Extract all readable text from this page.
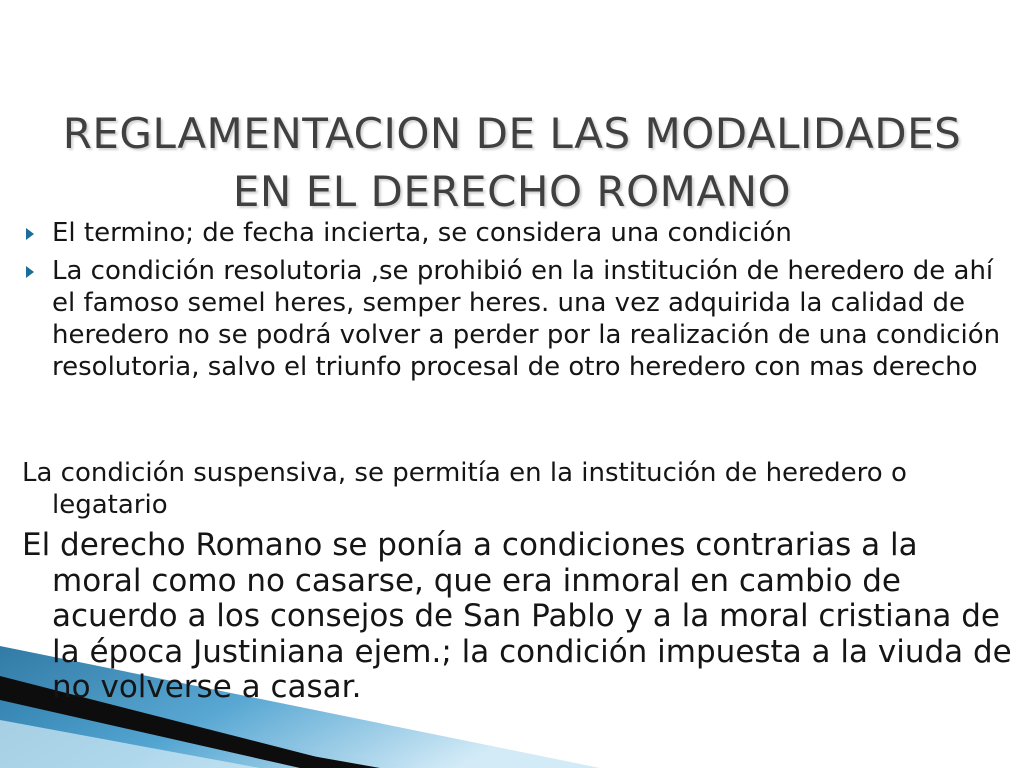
REGLAMENTACION DE LAS MODALIDADES EN EL DERECHO ROMANO

El termino; de fecha incierta, se considera una condición

La condición resolutoria ,se prohibió en la institución de heredero de ahí el famoso semel heres, semper heres. una vez adquirida la calidad de heredero no se podrá volver a perder por la realización de una condición resolutoria, salvo el triunfo procesal de otro heredero con mas derecho

La condición suspensiva, se permitía en la institución de heredero o legatario

El derecho Romano se ponía a condiciones contrarias a la moral como no casarse, que era inmoral en cambio de acuerdo a los consejos de San Pablo y a la moral cristiana de la época Justiniana ejem.; la condición impuesta a la viuda de no volverse a casar.
